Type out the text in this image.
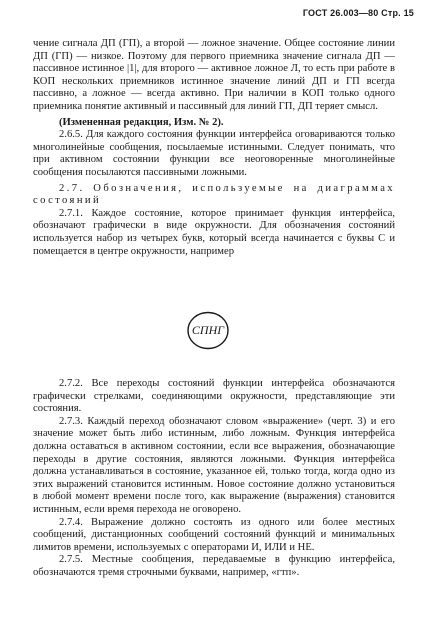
ГОСТ 26.003—80 Стр. 15

чение сигнала ДП (ГП), а второй — ложное значение. Общее состояние линии ДП (ГП) — низкое. Поэтому для первого приемника значение сигнала ДП — пассивное истинное |1|, для второго — активное ложное Л, то есть при работе в КОП нескольких приемников истинное значение линий ДП и ГП всегда пассивно, а ложное — всегда активно. При наличии в КОП только одного приемника понятие активный и пассивный для линий ГП, ДП теряет смысл.

(Измененная редакция, Изм. № 2).

2.6.5. Для каждого состояния функции интерфейса оговариваются только многолинейные сообщения, посылаемые истинными. Следует понимать, что при активном состоянии функции все неоговоренные многолинейные сообщения посылаются пассивными ложными.

2.7. Обозначения, используемые на диаграммах состояний

2.7.1. Каждое состояние, которое принимает функция интерфейса, обозначают графически в виде окружности. Для обозначения состояний используется набор из четырех букв, который всегда начинается с буквы С и помещается в центре окружности, например

СПНГ

2.7.2. Все переходы состояний функции интерфейса обозначаются графически стрелками, соединяющими окружности, представляющие эти состояния.

2.7.3. Каждый переход обозначают словом «выражение» (черт. 3) и его значение может быть либо истинным, либо ложным. Функция интерфейса должна оставаться в активном состоянии, если все выражения, обозначающие переходы в другие состояния, являются ложными. Функция интерфейса должна устанавливаться в состояние, указанное ей, только тогда, когда одно из этих выражений становится истинным. Новое состояние должно установиться в любой момент времени после того, как выражение (выражения) становится истинным, если время перехода не оговорено.

2.7.4. Выражение должно состоять из одного или более местных сообщений, дистанционных сообщений состояний функций и минимальных лимитов времени, используемых с операторами И, ИЛИ и НЕ.

2.7.5. Местные сообщения, передаваемые в функцию интерфейса, обозначаются тремя строчными буквами, например, «гтп».
